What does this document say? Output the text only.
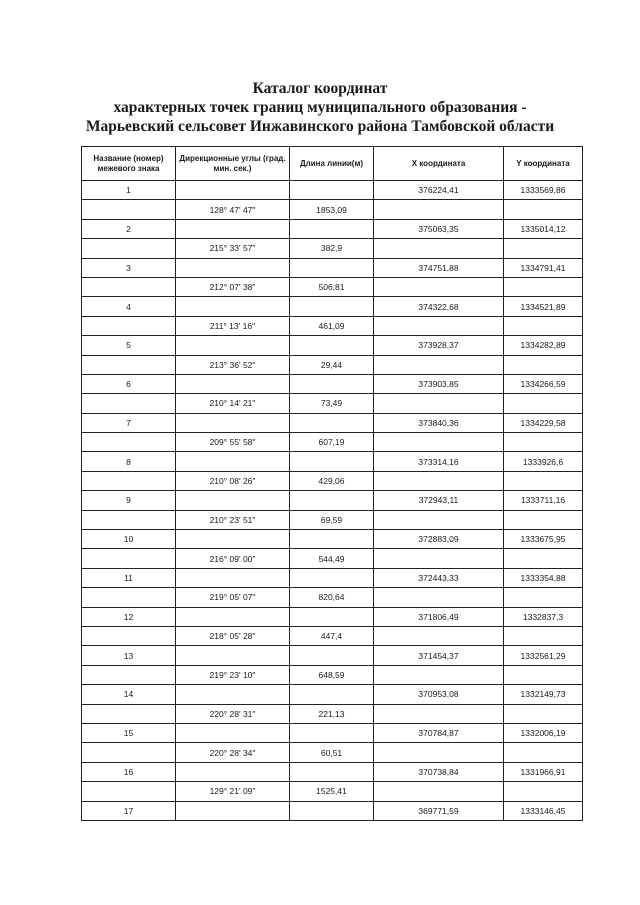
Каталог координат
характерных точек границ муниципального образования -
Марьевский сельсовет Инжавинского района Тамбовской области
Название (номер) межевого знака	Дирекционные углы (град. мин. сек.)	Длина линии(м)	X координата	Y координата
1			376224,41	1333569,86
	128° 47' 47"	1853,09		
2			375063,35	1335014,12
	215° 33' 57"	382,9		
3			374751,88	1334791,41
	212° 07' 38"	506,81		
4			374322,68	1334521,89
	211° 13' 16"	461,09		
5			373928,37	1334282,89
	213° 36' 52"	29,44		
6			373903,85	1334266,59
	210° 14' 21"	73,49		
7			373840,36	1334229,58
	209° 55' 58"	607,19		
8			373314,16	1333926,6
	210° 08' 26"	429,06		
9			372943,11	1333711,16
	210° 23' 51"	69,59		
10			372883,09	1333675,95
	216° 09' 00"	544,49		
11			372443,33	1333354,88
	219° 05' 07"	820,64		
12			371806,49	1332837,3
	218° 05' 28"	447,4		
13			371454,37	1332561,29
	219° 23' 10"	648,59		
14			370953,08	1332149,73
	220° 28' 31"	221,13		
15			370784,87	1332006,19
	220° 28' 34"	60,51		
16			370738,84	1331966,91
	129° 21' 09"	1525,41		
17			369771,59	1333146,45
